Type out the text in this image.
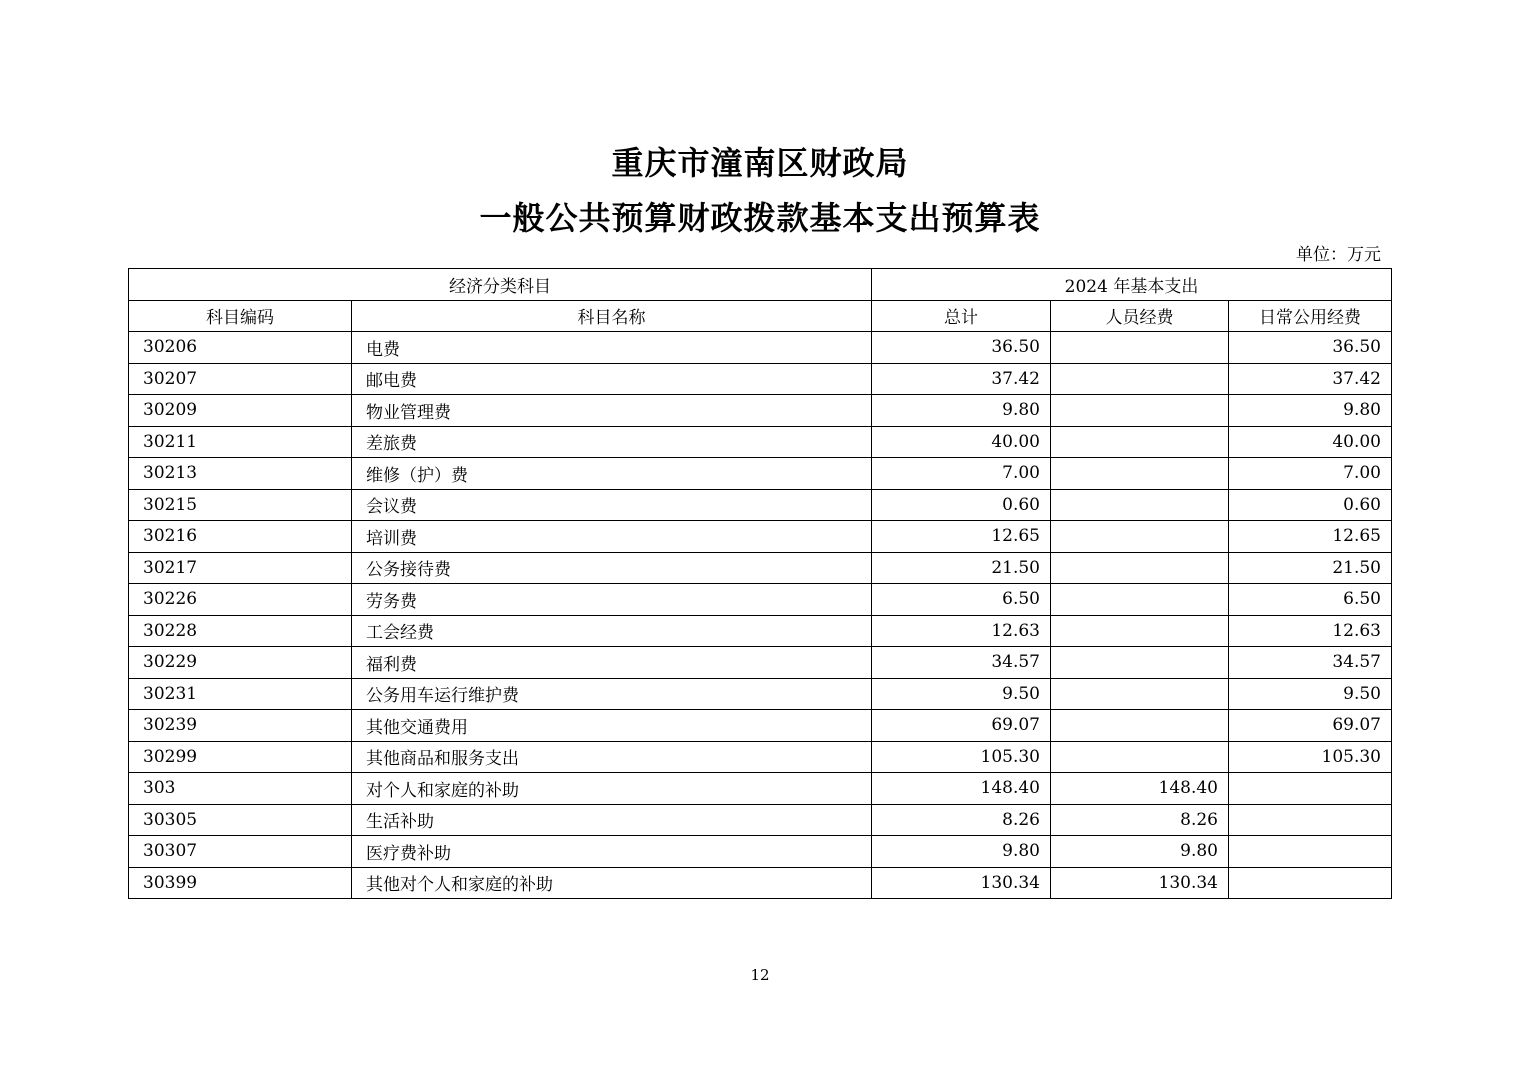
重庆市潼南区财政局
一般公共预算财政拨款基本支出预算表
单位：万元
经济分类科目		2024 年基本支出		
科目编码	科目名称	总计	人员经费	日常公用经费
30206	电费	36.50		36.50
30207	邮电费	37.42		37.42
30209	物业管理费	9.80		9.80
30211	差旅费	40.00		40.00
30213	维修（护）费	7.00		7.00
30215	会议费	0.60		0.60
30216	培训费	12.65		12.65
30217	公务接待费	21.50		21.50
30226	劳务费	6.50		6.50
30228	工会经费	12.63		12.63
30229	福利费	34.57		34.57
30231	公务用车运行维护费	9.50		9.50
30239	其他交通费用	69.07		69.07
30299	其他商品和服务支出	105.30		105.30
303	对个人和家庭的补助	148.40	148.40	
30305	生活补助	8.26	8.26	
30307	医疗费补助	9.80	9.80	
30399	其他对个人和家庭的补助	130.34	130.34	
12
